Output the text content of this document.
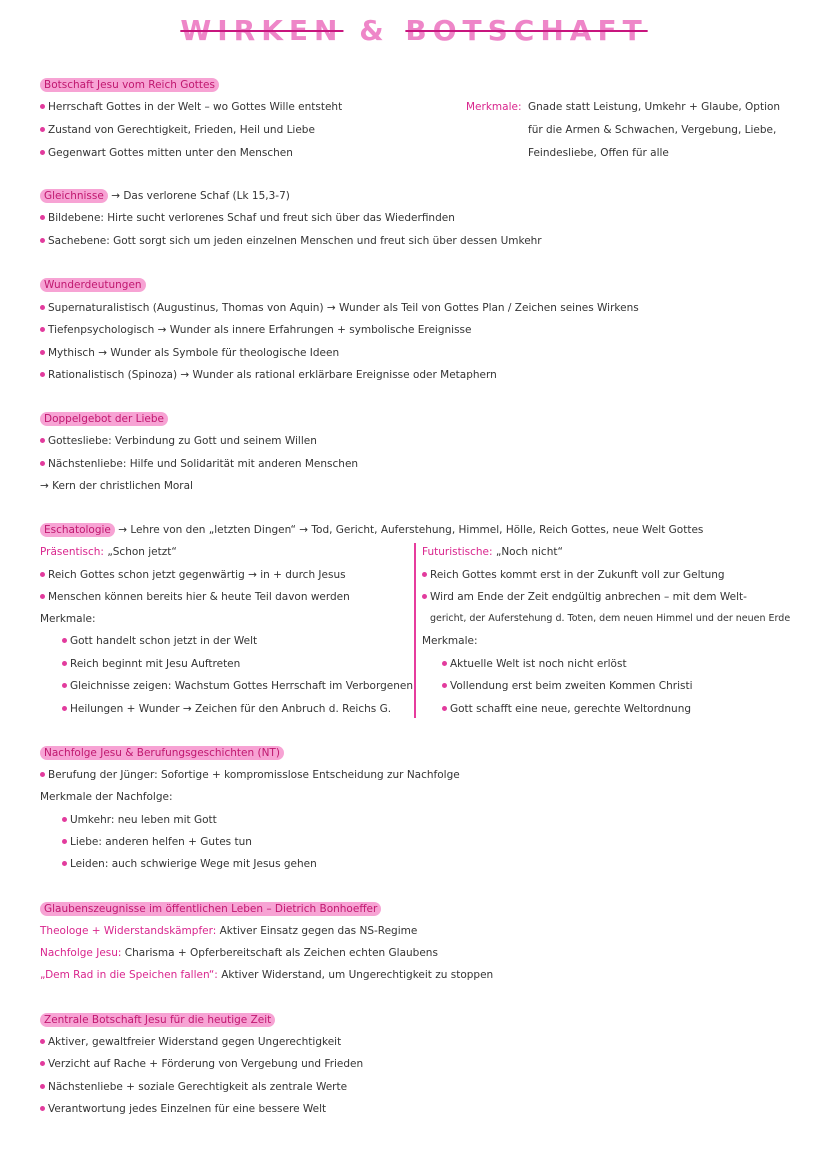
WIRKEN & BOTSCHAFT
Botschaft Jesu vom Reich Gottes
Herrschaft Gottes in der Welt – wo Gottes Wille entsteht
Zustand von Gerechtigkeit, Frieden, Heil und Liebe
Gegenwart Gottes mitten unter den Menschen
Merkmale: Gnade statt Leistung, Umkehr + Glaube, Option
für die Armen & Schwachen, Vergebung, Liebe,
Feindesliebe, Offen für alle
Gleichnisse → Das verlorene Schaf (Lk 15,3-7)
Bildebene: Hirte sucht verlorenes Schaf und freut sich über das Wiederfinden
Sachebene: Gott sorgt sich um jeden einzelnen Menschen und freut sich über dessen Umkehr
Wunderdeutungen
Supernaturalistisch (Augustinus, Thomas von Aquin) → Wunder als Teil von Gottes Plan / Zeichen seines Wirkens
Tiefenpsychologisch → Wunder als innere Erfahrungen + symbolische Ereignisse
Mythisch → Wunder als Symbole für theologische Ideen
Rationalistisch (Spinoza) → Wunder als rational erklärbare Ereignisse oder Metaphern
Doppelgebot der Liebe
Gottesliebe: Verbindung zu Gott und seinem Willen
Nächstenliebe: Hilfe und Solidarität mit anderen Menschen
→ Kern der christlichen Moral
Eschatologie → Lehre von den „letzten Dingen“ → Tod, Gericht, Auferstehung, Himmel, Hölle, Reich Gottes, neue Welt Gottes
Präsentisch: „Schon jetzt“
Reich Gottes schon jetzt gegenwärtig → in + durch Jesus
Menschen können bereits hier & heute Teil davon werden
Merkmale:
Gott handelt schon jetzt in der Welt
Reich beginnt mit Jesu Auftreten
Gleichnisse zeigen: Wachstum Gottes Herrschaft im Verborgenen
Heilungen + Wunder → Zeichen für den Anbruch d. Reichs G.
Futuristische: „Noch nicht“
Reich Gottes kommt erst in der Zukunft voll zur Geltung
Wird am Ende der Zeit endgültig anbrechen – mit dem Welt-
gericht, der Auferstehung d. Toten, dem neuen Himmel und der neuen Erde
Merkmale:
Aktuelle Welt ist noch nicht erlöst
Vollendung erst beim zweiten Kommen Christi
Gott schafft eine neue, gerechte Weltordnung
Nachfolge Jesu & Berufungsgeschichten (NT)
Berufung der Jünger: Sofortige + kompromisslose Entscheidung zur Nachfolge
Merkmale der Nachfolge:
Umkehr: neu leben mit Gott
Liebe: anderen helfen + Gutes tun
Leiden: auch schwierige Wege mit Jesus gehen
Glaubenszeugnisse im öffentlichen Leben – Dietrich Bonhoeffer
Theologe + Widerstandskämpfer: Aktiver Einsatz gegen das NS-Regime
Nachfolge Jesu: Charisma + Opferbereitschaft als Zeichen echten Glaubens
„Dem Rad in die Speichen fallen“: Aktiver Widerstand, um Ungerechtigkeit zu stoppen
Zentrale Botschaft Jesu für die heutige Zeit
Aktiver, gewaltfreier Widerstand gegen Ungerechtigkeit
Verzicht auf Rache + Förderung von Vergebung und Frieden
Nächstenliebe + soziale Gerechtigkeit als zentrale Werte
Verantwortung jedes Einzelnen für eine bessere Welt
